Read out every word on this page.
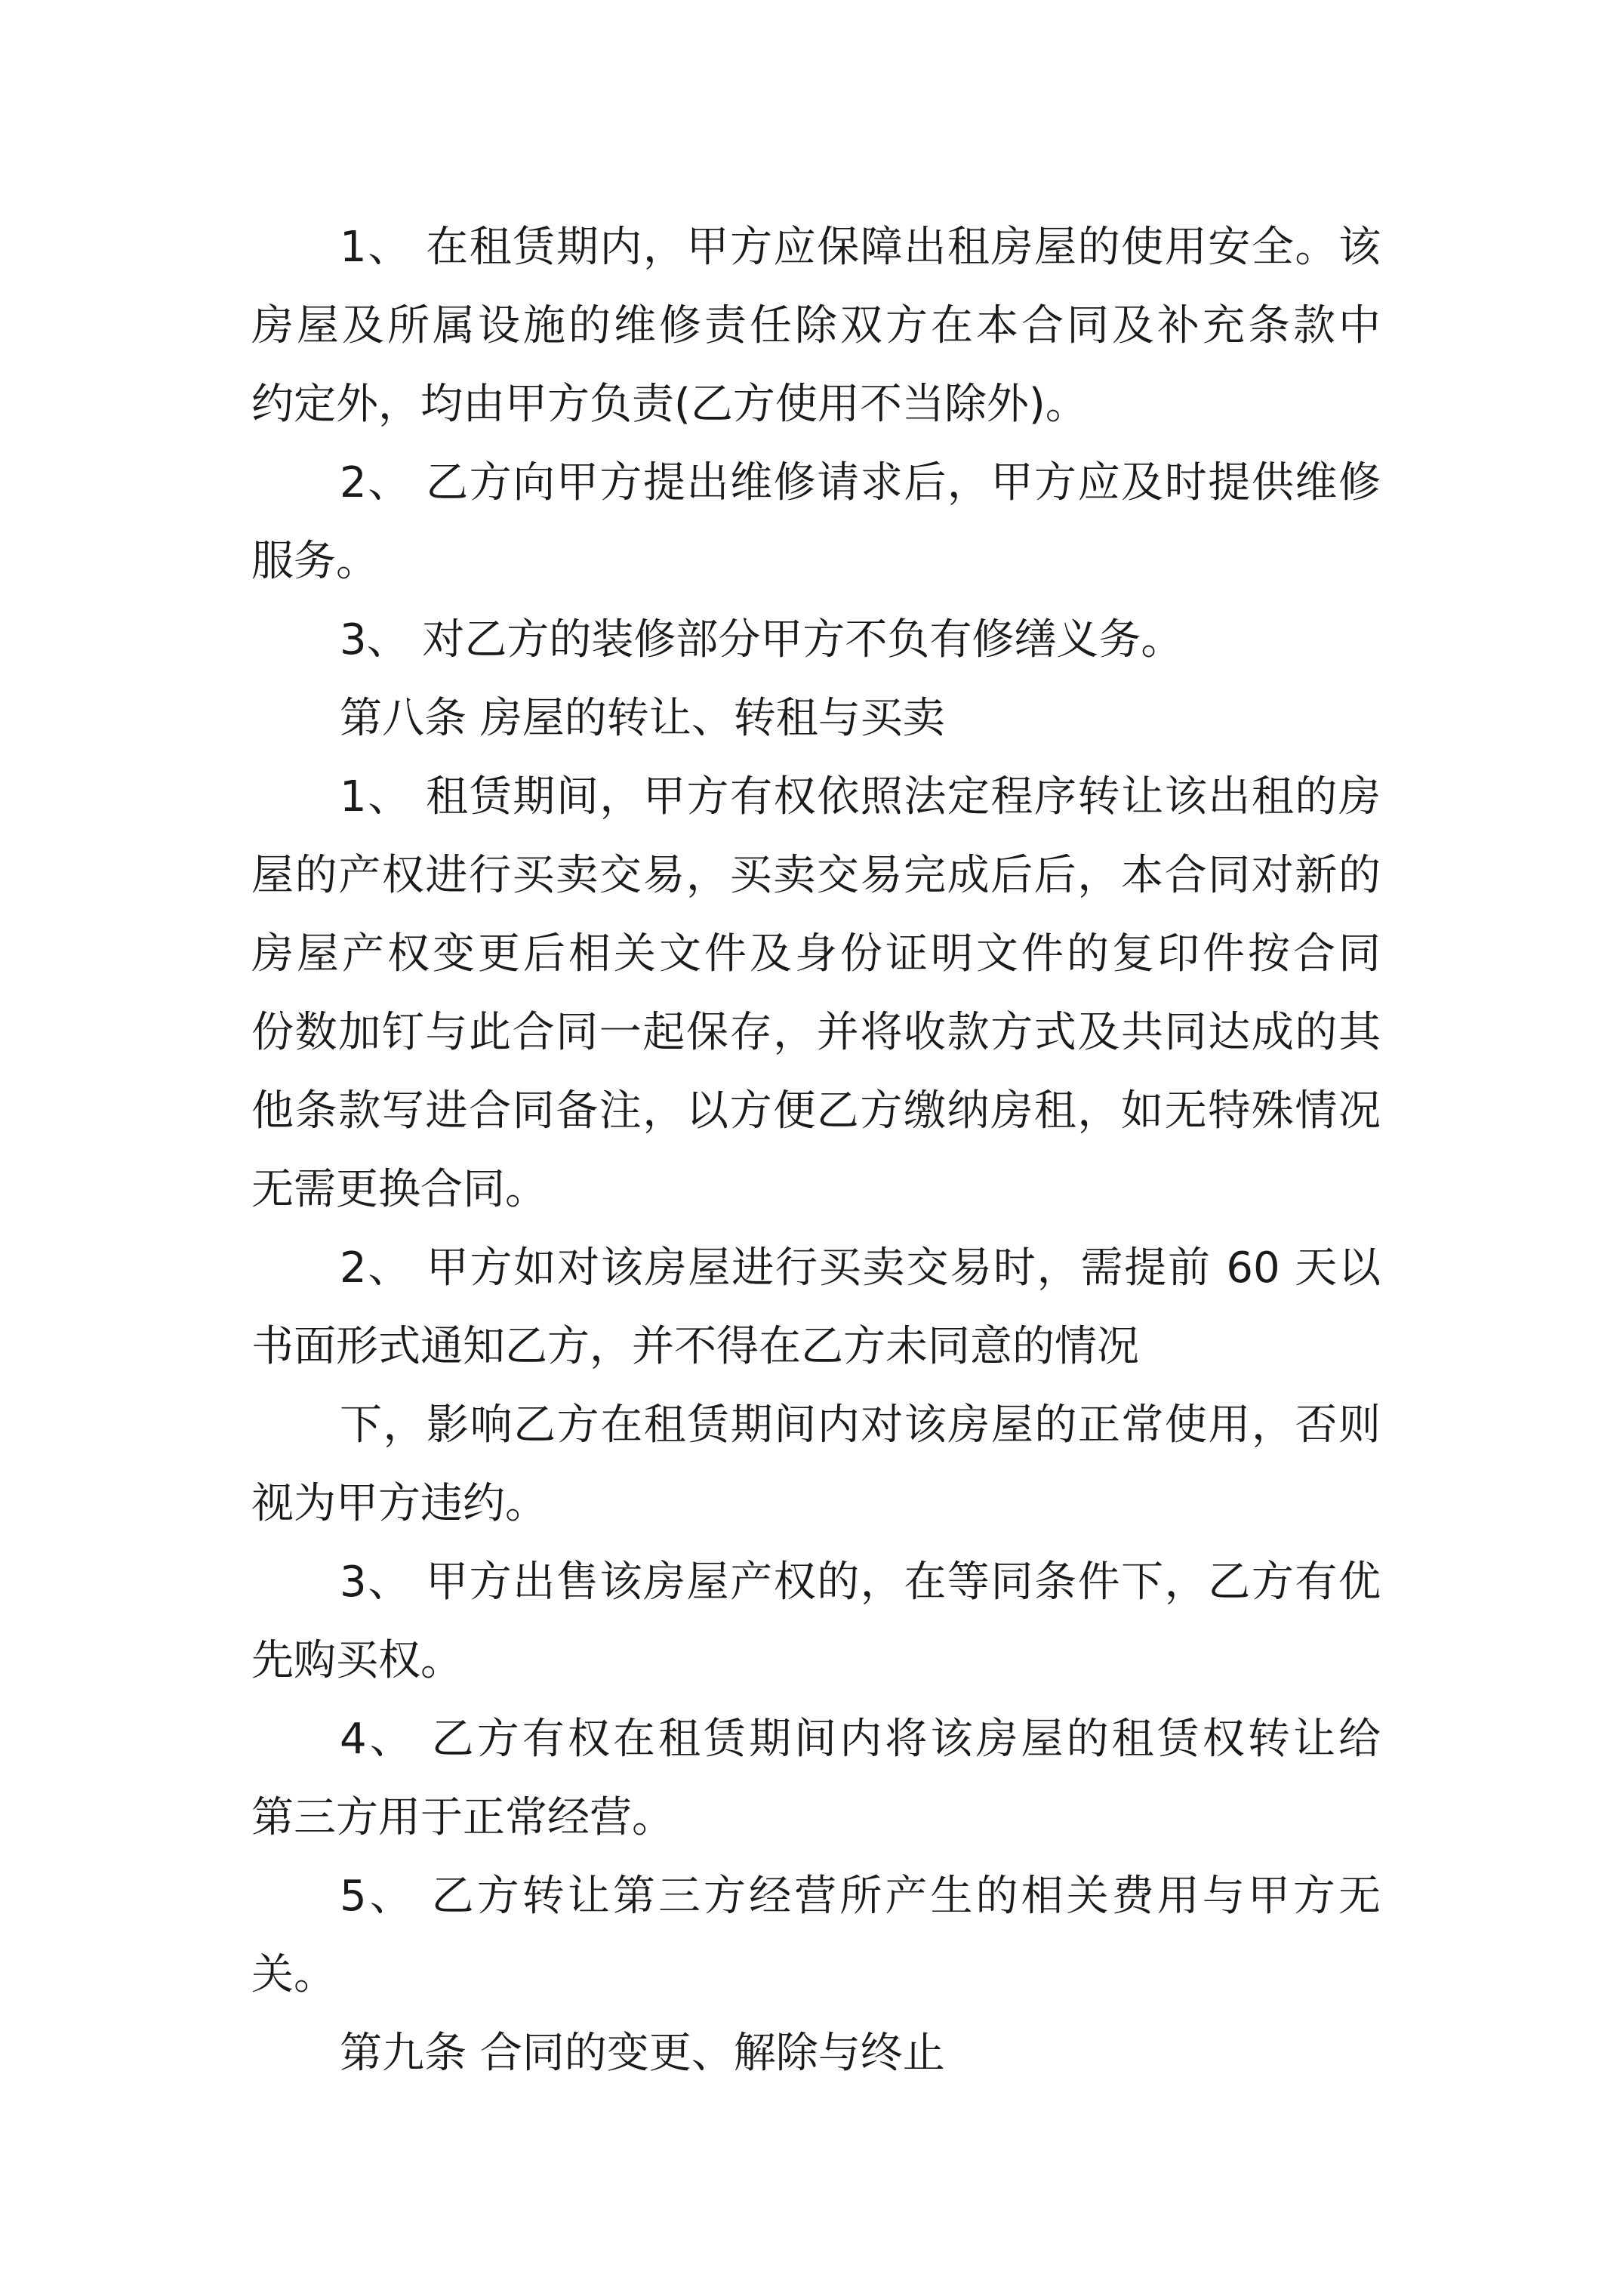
1、 在租赁期内，甲方应保障出租房屋的使用安全。该

房屋及所属设施的维修责任除双方在本合同及补充条款中

约定外，均由甲方负责(乙方使用不当除外)。

2、 乙方向甲方提出维修请求后，甲方应及时提供维修

服务。

3、 对乙方的装修部分甲方不负有修缮义务。

第八条 房屋的转让、转租与买卖

1、 租赁期间，甲方有权依照法定程序转让该出租的房

屋的产权进行买卖交易，买卖交易完成后后，本合同对新的

房屋产权变更后相关文件及身份证明文件的复印件按合同

份数加钉与此合同一起保存，并将收款方式及共同达成的其

他条款写进合同备注，以方便乙方缴纳房租，如无特殊情况

无需更换合同。

2、 甲方如对该房屋进行买卖交易时，需提前 60 天以

书面形式通知乙方，并不得在乙方未同意的情况

下，影响乙方在租赁期间内对该房屋的正常使用，否则

视为甲方违约。

3、 甲方出售该房屋产权的，在等同条件下，乙方有优

先购买权。

4、 乙方有权在租赁期间内将该房屋的租赁权转让给

第三方用于正常经营。

5、 乙方转让第三方经营所产生的相关费用与甲方无

关。

第九条 合同的变更、解除与终止
